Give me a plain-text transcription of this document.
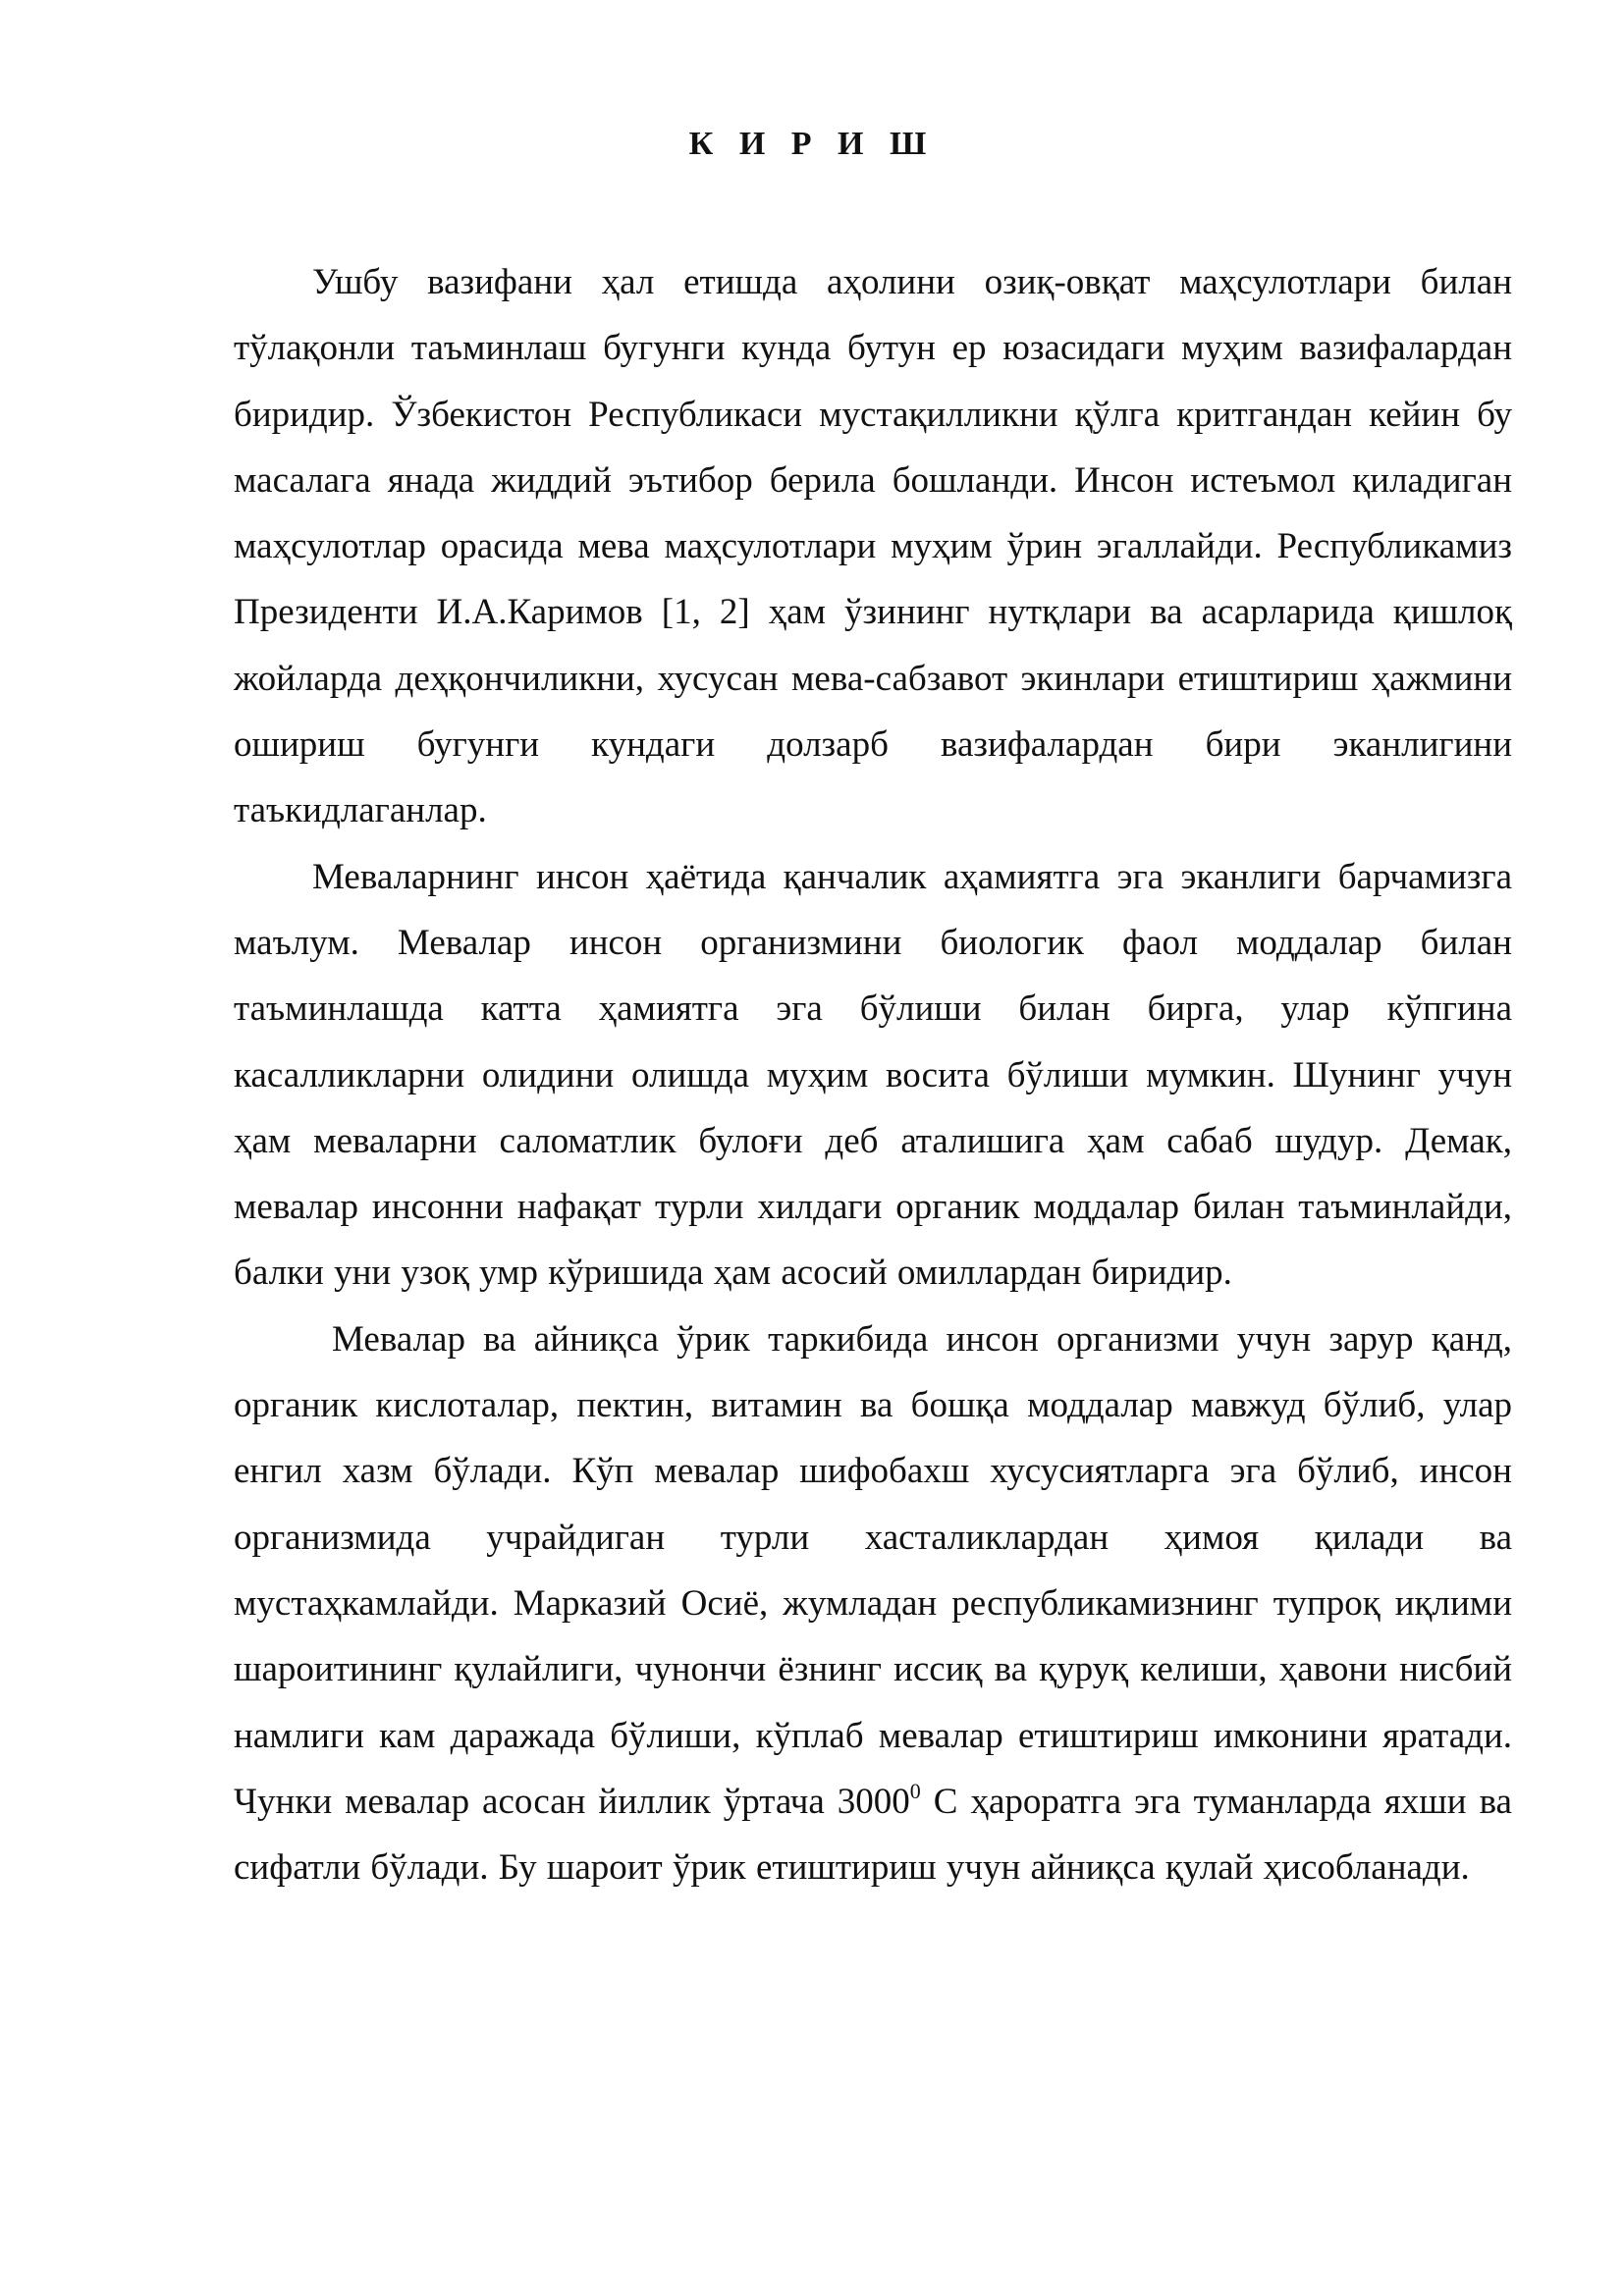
К И Р И Ш

Ушбу вазифани ҳал етишда аҳолини озиқ-овқат маҳсулотлари билан тўлақонли таъминлаш бугунги кунда бутун ер юзасидаги муҳим вазифалардан биридир. Ўзбекистон Республикаси мустақилликни қўлга критгандан кейин бу масалага янада жиддий эътибор берила бошланди. Инсон истеъмол қиладиган маҳсулотлар орасида мева маҳсулотлари муҳим ўрин эгаллайди. Республикамиз Президенти И.А.Каримов [1, 2] ҳам ўзининг нутқлари ва асарларида қишлоқ жойларда деҳқончиликни, хусусан мева-сабзавот экинлари етиштириш ҳажмини ошириш бугунги кундаги долзарб вазифалардан бири эканлигини таъкидлаганлар.

Меваларнинг инсон ҳаётида қанчалик аҳамиятга эга эканлиги барчамизга маълум. Мевалар инсон организмини биологик фаол моддалар билан таъминлашда катта ҳамиятга эга бўлиши билан бирга, улар кўпгина касалликларни олидини олишда муҳим восита бўлиши мумкин. Шунинг учун ҳам меваларни саломатлик булоғи деб аталишига ҳам сабаб шудур. Демак, мевалар инсонни нафақат турли хилдаги органик моддалар билан таъминлайди, балки уни узоқ умр кўришида ҳам асосий омиллардан биридир.

Мевалар ва айниқса ўрик таркибида инсон организми учун зарур қанд, органик кислоталар, пектин, витамин ва бошқа моддалар мавжуд бўлиб, улар енгил хазм бўлади. Кўп мевалар шифобахш хусусиятларга эга бўлиб, инсон организмида учрайдиган турли хасталиклардан ҳимоя қилади ва мустаҳкамлайди. Марказий Осиё, жумладан республикамизнинг тупроқ иқлими шароитининг қулайлиги, чунончи ёзнинг иссиқ ва қуруқ келиши, ҳавони нисбий намлиги кам даражада бўлиши, кўплаб мевалар етиштириш имконини яратади. Чунки мевалар асосан йиллик ўртача 3000$^0$ С ҳароратга эга туманларда яхши ва сифатли бўлади. Бу шароит ўрик етиштириш учун айниқса қулай ҳисобланади.
